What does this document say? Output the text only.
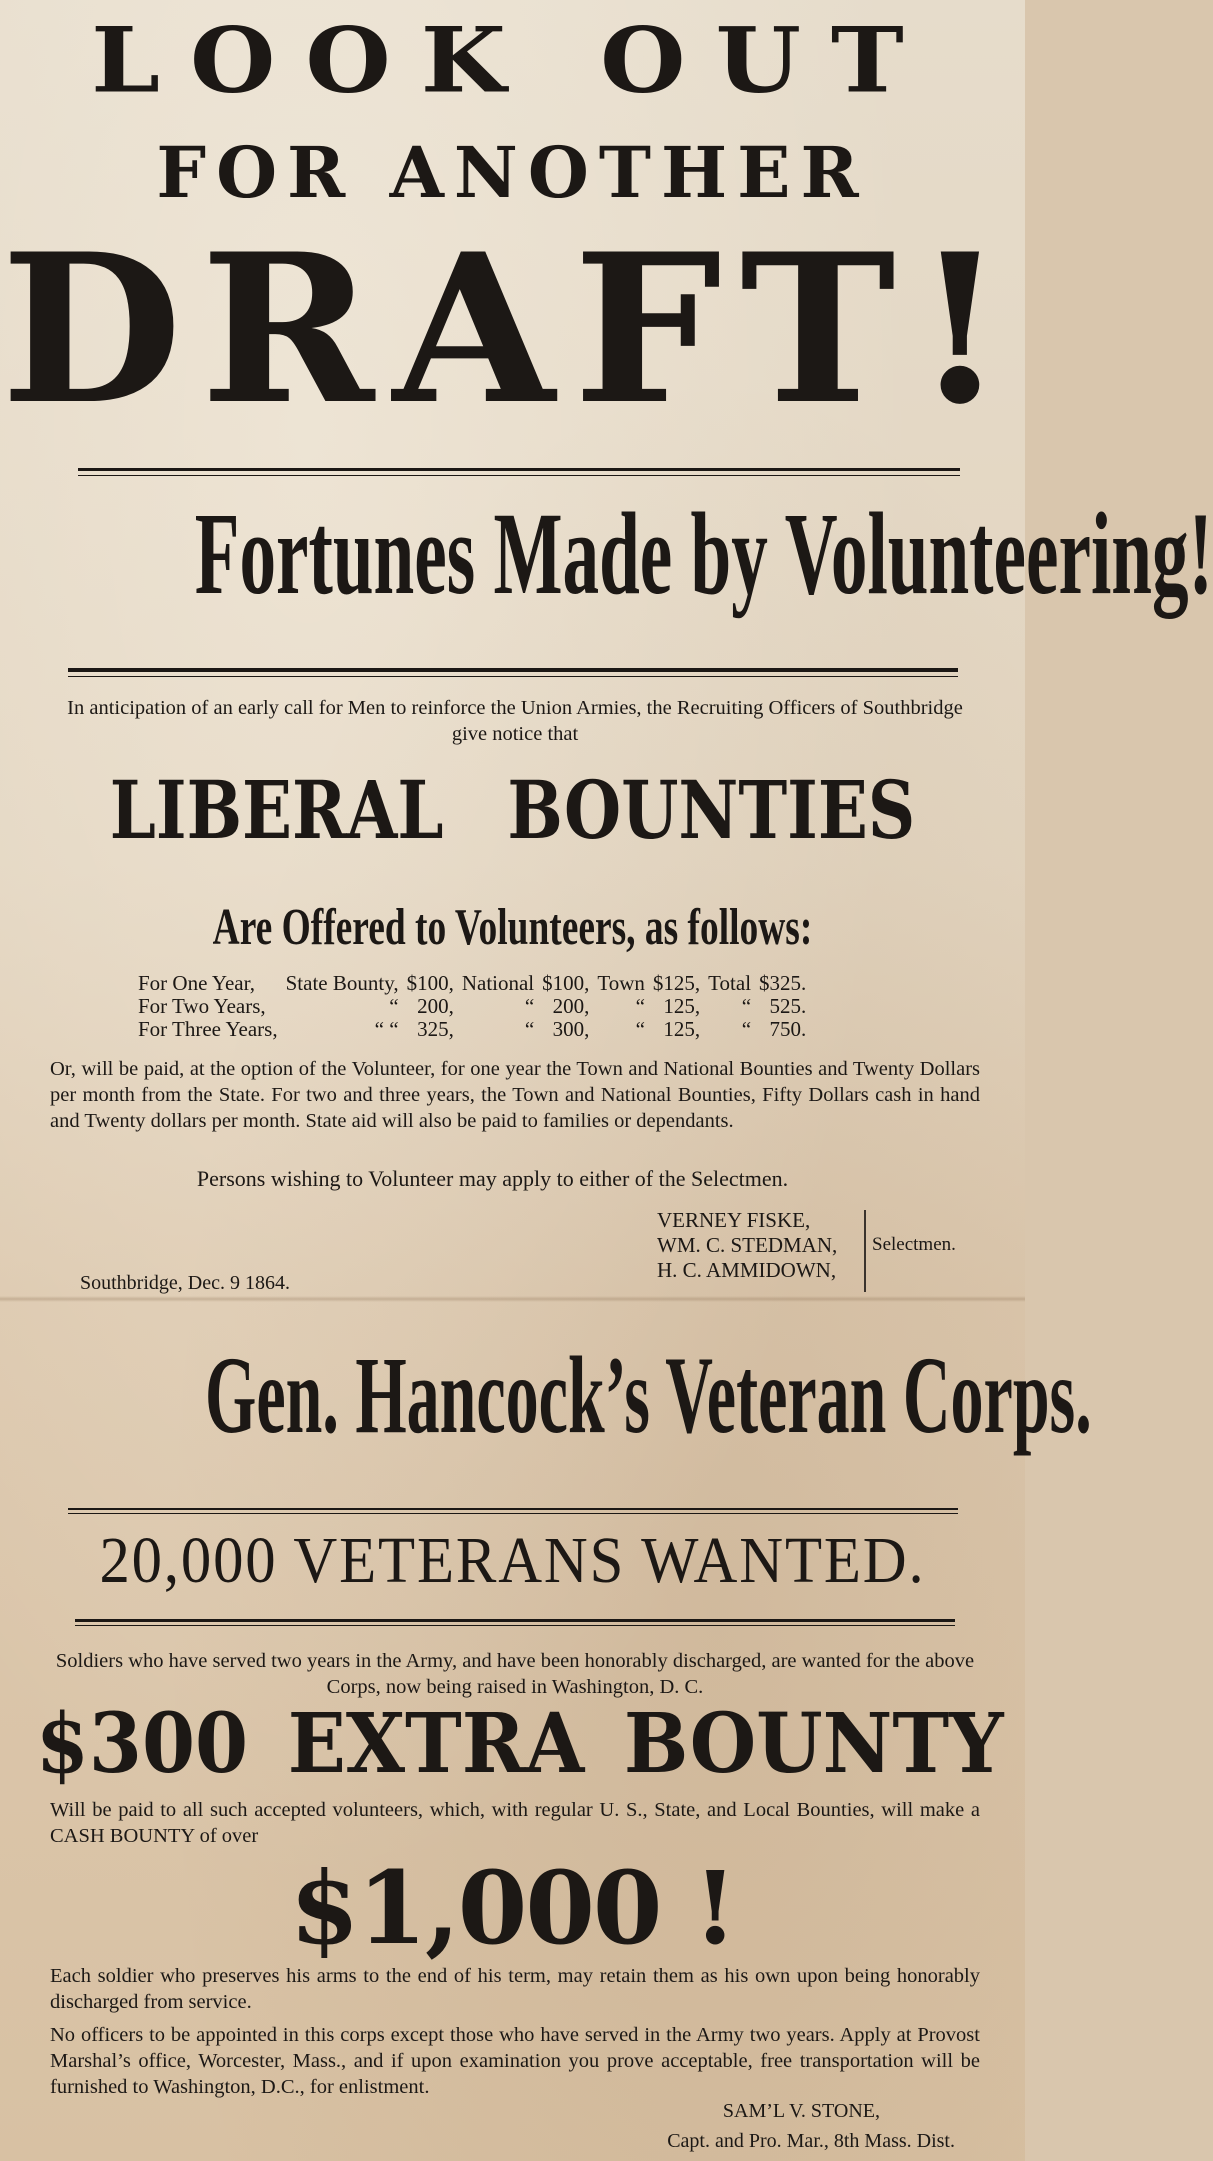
LOOK OUT
FOR ANOTHER
DRAFT!
Fortunes Made by Volunteering!
In anticipation of an early call for Men to reinforce the Union Armies, the Recruiting Officers of Southbridge give notice that
LIBERAL BOUNTIES
Are Offered to Volunteers, as follows:
For One Year,	State Bounty,	$100,	National	$100,	Town	$125,	Total	$325.
For Two Years,	“	200,	“	200,	“	125,	“	525.
For Three Years,	“ “	325,	“	300,	“	125,	“	750.
Or, will be paid, at the option of the Volunteer, for one year the Town and National Bounties and Twenty Dollars per month from the State. For two and three years, the Town and National Bounties, Fifty Dollars cash in hand and Twenty dollars per month. State aid will also be paid to families or dependants.
Persons wishing to Volunteer may apply to either of the Selectmen.
VERNEY FISKE,
WM. C. STEDMAN,
H. C. AMMIDOWN,
Selectmen.
Southbridge, Dec. 9 1864.
Gen. Hancock’s Veteran Corps.
20,000 VETERANS WANTED.
Soldiers who have served two years in the Army, and have been honorably discharged, are wanted for the above Corps, now being raised in Washington, D. C.
$300 EXTRA BOUNTY
Will be paid to all such accepted volunteers, which, with regular U. S., State, and Local Bounties, will make a CASH BOUNTY of over
$1,000 !
Each soldier who preserves his arms to the end of his term, may retain them as his own upon being honorably discharged from service.
No officers to be appointed in this corps except those who have served in the Army two years. Apply at Provost Marshal’s office, Worcester, Mass., and if upon examination you prove acceptable, free transportation will be furnished to Washington, D.C., for enlistment.
SAM’L V. STONE,
Capt. and Pro. Mar., 8th Mass. Dist.
